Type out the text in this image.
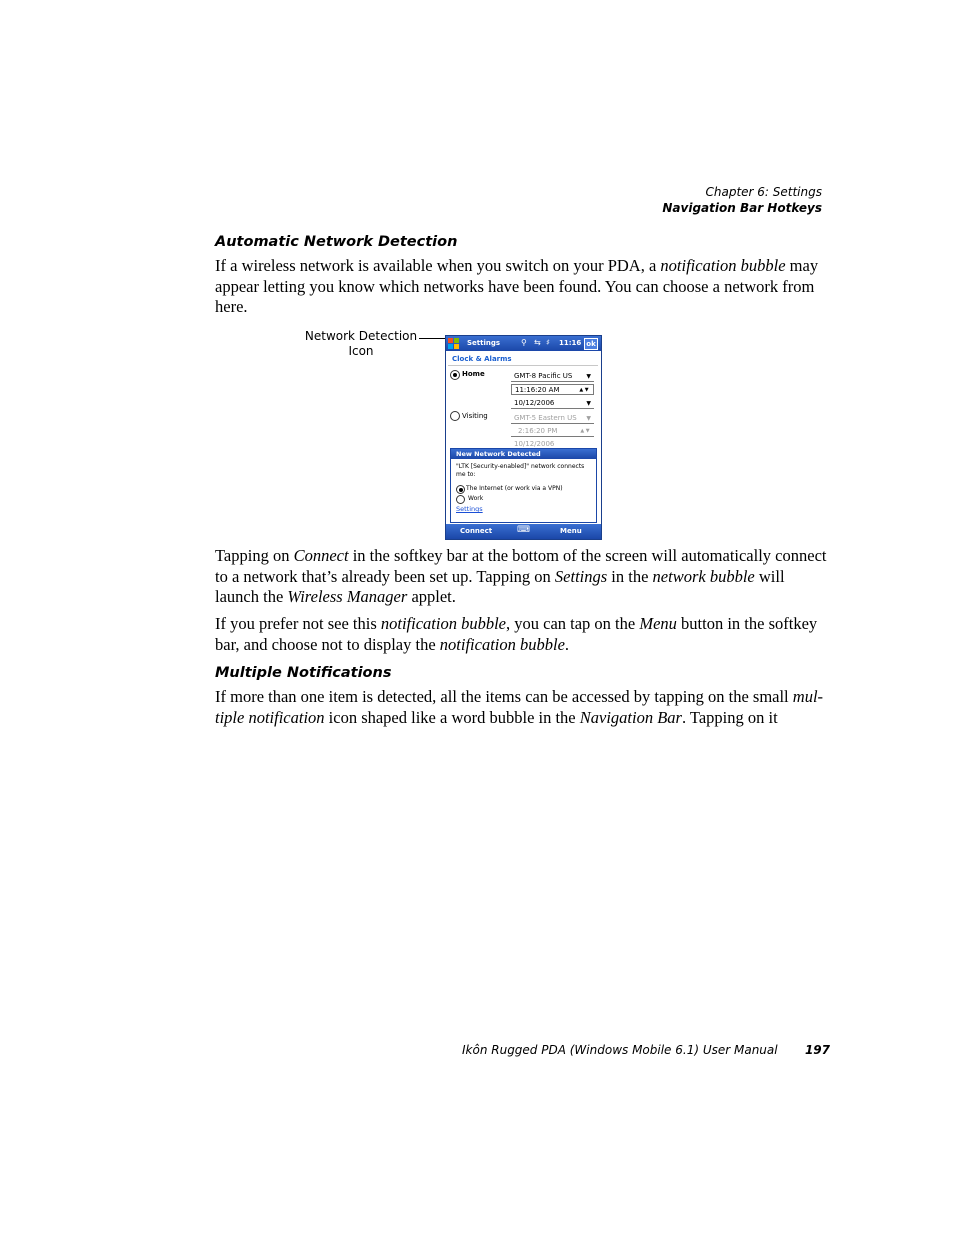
Chapter 6: Settings
Navigation Bar Hotkeys
Automatic Network Detection
If a wireless network is available when you switch on your PDA, a notification bubble may appear letting you know which networks have been found. You can choose a network from here.
Network Detection
Icon
Settings	⚲ ⇆ ♯ 11:16 ok
Clock & Alarms
Home	GMT-8 Pacific US ▼
11:16:20 AM	▲ ▼
10/12/2006	▼
Visiting	GMT-5 Eastern US ▼
2:16:20 PM	▲ ▼
10/12/2006
New Network Detected
"LTK [Security-enabled]" network connects me to:
The Internet (or work via a VPN)
Work
Settings
Connect	⌨	Menu
Tapping on Connect in the softkey bar at the bottom of the screen will automatically connect to a network that’s already been set up. Tapping on Settings in the network bubble will launch the Wireless Manager applet.
If you prefer not see this notification bubble, you can tap on the Menu button in the softkey bar, and choose not to display the notification bubble.
Multiple Notifications
If more than one item is detected, all the items can be accessed by tapping on the small mul-tiple notification icon shaped like a word bubble in the Navigation Bar. Tapping on it
Ikôn Rugged PDA (Windows Mobile 6.1) User Manual 197
